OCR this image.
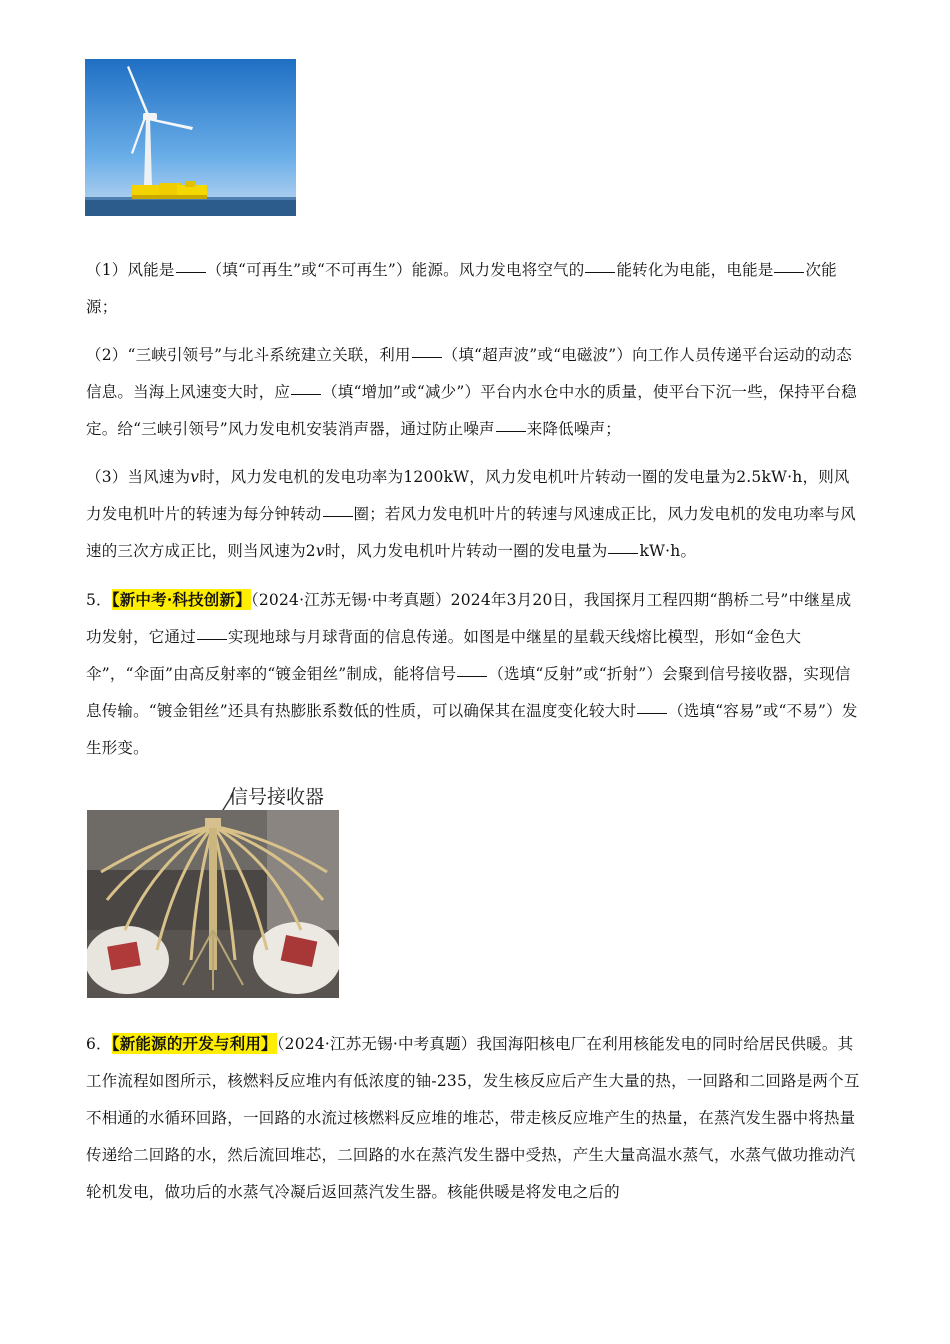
（1）风能是 （填“可再生”或“不可再生”）能源。风力发电将空气的 能转化为电能，电能是 次能源；

（2）“三峡引领号”与北斗系统建立关联，利用 （填“超声波”或“电磁波”）向工作人员传递平台运动的动态信息。当海上风速变大时，应 （填“增加”或“减少”）平台内水仓中水的质量，使平台下沉一些，保持平台稳定。给“三峡引领号”风力发电机安装消声器，通过防止噪声 来降低噪声；

（3）当风速为v时，风力发电机的发电功率为1200kW，风力发电机叶片转动一圈的发电量为2.5kW·h，则风力发电机叶片的转速为每分钟转动 圈；若风力发电机叶片的转速与风速成正比，风力发电机的发电功率与风速的三次方成正比，则当风速为2v时，风力发电机叶片转动一圈的发电量为 kW·h。

5．【新中考·科技创新】（2024·江苏无锡·中考真题）2024年3月20日，我国探月工程四期“鹊桥二号”中继星成功发射，它通过 实现地球与月球背面的信息传递。如图是中继星的星载天线熔比模型，形如“金色大伞”，“伞面”由高反射率的“镀金钼丝”制成，能将信号 （选填“反射”或“折射”）会聚到信号接收器，实现信息传输。“镀金钼丝”还具有热膨胀系数低的性质，可以确保其在温度变化较大时 （选填“容易”或“不易”）发生形变。

信号接收器

6．【新能源的开发与利用】（2024·江苏无锡·中考真题）我国海阳核电厂在利用核能发电的同时给居民供暖。其工作流程如图所示，核燃料反应堆内有低浓度的铀-235，发生核反应后产生大量的热，一回路和二回路是两个互不相通的水循环回路，一回路的水流过核燃料反应堆的堆芯，带走核反应堆产生的热量，在蒸汽发生器中将热量传递给二回路的水，然后流回堆芯，二回路的水在蒸汽发生器中受热，产生大量高温水蒸气，水蒸气做功推动汽轮机发电，做功后的水蒸气冷凝后返回蒸汽发生器。核能供暖是将发电之后的
